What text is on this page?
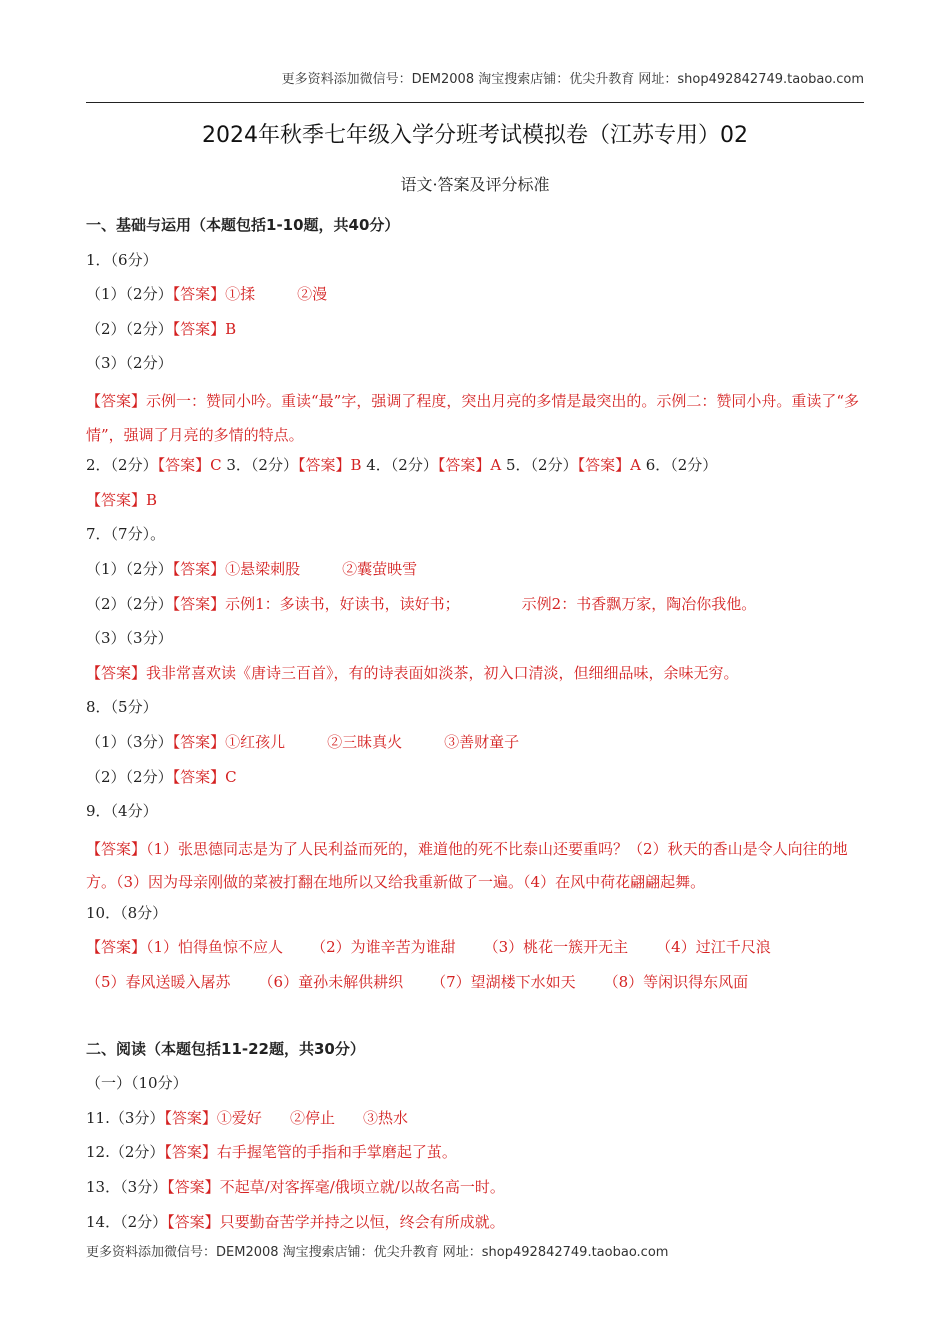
更多资料添加微信号：DEM2008 淘宝搜索店铺：优尖升教育 网址：shop492842749.taobao.com
2024年秋季七年级入学分班考试模拟卷（江苏专用）02
语文·答案及评分标准
一、基础与运用（本题包括1-10题，共40分）
1．（6分）
（1）（2分）【答案】①揉	②漫
（2）（2分）【答案】B
（3）（2分）
【答案】示例一：赞同小吟。重读“最”字，强调了程度，突出月亮的多情是最突出的。示例二：赞同小舟。重读了“多情”，强调了月亮的多情的特点。
2．（2分）【答案】C 3．（2分）【答案】B 4．（2分）【答案】A 5．（2分）【答案】A 6．（2分）
【答案】B
7．（7分）。
（1）（2分）【答案】①悬梁刺股	②囊萤映雪
（2）（2分）【答案】示例1：多读书，好读书，读好书；	示例2：书香飘万家，陶冶你我他。
（3）（3分）
【答案】我非常喜欢读《唐诗三百首》，有的诗表面如淡茶，初入口清淡，但细细品味，余味无穷。
8．（5分）
（1）（3分）【答案】①红孩儿	②三昧真火	③善财童子
（2）（2分）【答案】C
9．（4分）
【答案】（1）张思德同志是为了人民利益而死的，难道他的死不比泰山还要重吗？（2）秋天的香山是令人向往的地方。（3）因为母亲刚做的菜被打翻在地所以又给我重新做了一遍。（4）在风中荷花翩翩起舞。
10．（8分）
【答案】（1）怕得鱼惊不应人 （2）为谁辛苦为谁甜 （3）桃花一簇开无主 （4）过江千尺浪
（5）春风送暖入屠苏 （6）童孙未解供耕织 （7）望湖楼下水如天 （8）等闲识得东风面
二、阅读（本题包括11-22题，共30分）
（一）（10分）
11.（3分）【答案】①爱好 ②停止 ③热水
12.（2分）【答案】右手握笔管的手指和手掌磨起了茧。
13．（3分）【答案】不起草/对客挥毫/俄顷立就/以故名高一时。
14．（2分）【答案】只要勤奋苦学并持之以恒，终会有所成就。
更多资料添加微信号：DEM2008 淘宝搜索店铺：优尖升教育 网址：shop492842749.taobao.com
